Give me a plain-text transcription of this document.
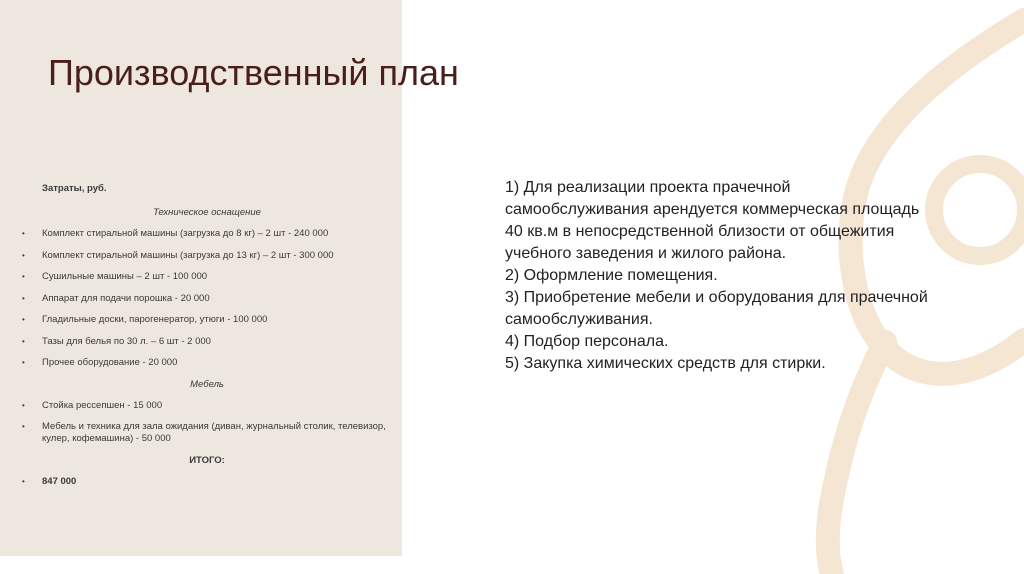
Производственный план
Затраты, руб.
Техническое оснащение
• Комплект стиральной машины (загрузка до 8 кг) – 2 шт - 240 000
• Комплект стиральной машины (загрузка до 13 кг) – 2 шт - 300 000
• Сушильные машины – 2 шт - 100 000
• Аппарат для подачи порошка - 20 000
• Гладильные доски, парогенератор, утюги - 100 000
• Тазы для белья по 30 л. – 6 шт - 2 000
• Прочее оборудование - 20 000
Мебель
• Стойка рессепшен - 15 000
• Мебель и техника для зала ожидания (диван, журнальный столик, телевизор, кулер, кофемашина) - 50 000
ИТОГО:
• 847 000

1) Для реализации проекта прачечной самообслуживания арендуется коммерческая площадь 40 кв.м в непосредственной близости от общежития учебного заведения и жилого района.

2) Оформление помещения.

3) Приобретение мебели и оборудования для прачечной самообслуживания.

4) Подбор персонала.

5) Закупка химических средств для стирки.
